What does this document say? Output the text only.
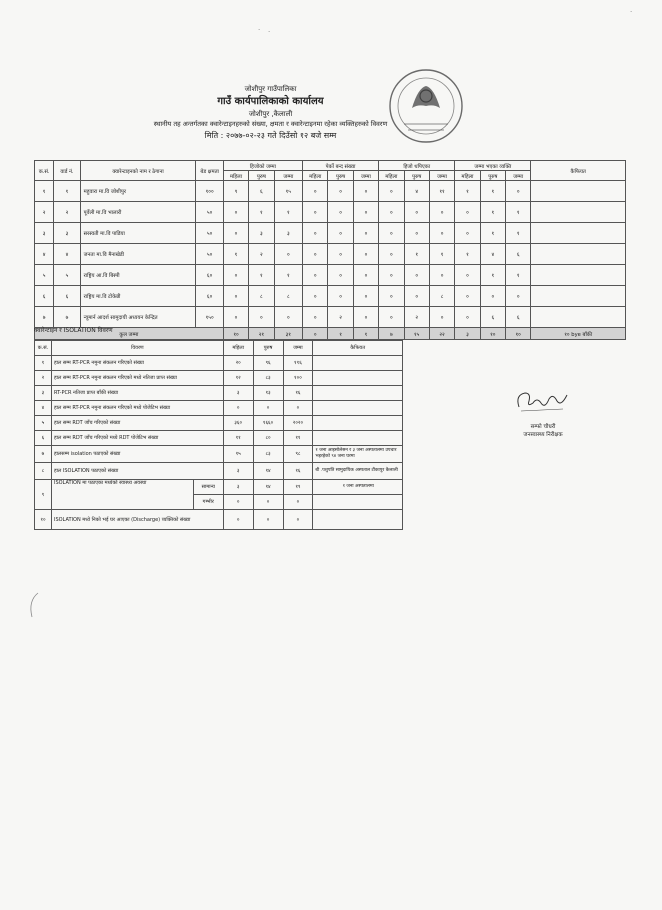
· ·
·
जोशीपुर गाउँपालिका
गाउँ कार्यपालिकाको कार्यालय
जोशीपुर ,कैलाली
स्थानीय तह अन्तर्गतका क्वारेन्टाइनहरुको संख्या, क्षमता र क्वारेन्टाइनमा रहेका व्यक्तिहरुको विवरण
मिति : २०७७-०२-२३ गते दिउँसो १२ बजे सम्म
क.सं.	वार्ड नं.	क्वारेन्टाइनको नाम र ठेगाना	बेड क्षमता	हिजोको जम्मा			पेर्को बन्द संख्या			हिजो थपिएका			जम्मा भएका व्यक्ति			कैफियत
				महिला	पुरुष	जम्मा	महिला	पुरुष	जम्मा	महिला	पुरुष	जम्मा	महिला	पुरुष	जम्मा	
१	१	महुवारा मा.वि जोशीपुर	१००	९	६	१५	०	०	०	०	४	११	१	१	०	
२	२	पूर्वेली मा.वि भालारी	५०	०	१	१	०	०	०	०	०	०	०	१	१	
३	३	सरस्वती मा.वि पाडिया	५०	०	३	३	०	०	०	०	०	०	०	१	१	
४	४	जनता मा.वि मैनाखेडी	५०	१	२	०	०	०	०	०	१	१	१	४	६	
५	५	राष्ट्रिय आ.वि बिस्पी	६०	०	१	१	०	०	०	०	०	०	०	१	१	
६	६	राष्ट्रिय मा.वि टोकेन्नी	६०	०	८	८	०	०	०	०	०	८	०	०	०	
७	७	न्यूमार्न आदर्श सामुदायी अध्ययन केन्द्रित	१५०	०	०	०	०	२	०	०	२	०	०	६	६	
कुल जम्मा				१०	२१	३१	०	१	१	७	१५	२२	३	१०	१०	१० bye बाँकी
क्वारेन्टाइन र ISOLATION विवरण
क.सं.	विवरण		महिला	पुरुष	जम्मा	कैफियत
१	हाल सम्म RT-PCR नमुना संकलन गरिएको संख्या		२०	९६	११६	
२	हाल सम्म RT-PCR नमुना संकलन गरिएको मध्ये नतिजा प्राप्त संख्या		१२	८३	१००	
३	RT-PCR नतिजा प्राप्त बाँकी संख्या		३	१३	१६	
४	हाल सम्म RT-PCR नमुना संकलन गरिएको मध्ये पोजेटिभ संख्या		०	०	०	
५	हाल सम्म RDT जाँच गरिएको संख्या		३६०	१६६०	२०२०	
६	हाल सम्म RDT जाँच गरिएको मध्ये RDT पोजेटिभ संख्या		११	८०	११	
७	हालसम्म isolation पठाएको संख्या		१५	८३	९८	१ जना आइसोलेसन र ३ जना अस्पतालमा उपचार भइरहेको ९४ जना घरमा
८	हाल ISOLATION पठाएको संख्या		३	१४	१६	बी .पशुपति सामुदायिक अस्पताल टीकापुर कैलाली
९	ISOLATION मा पठाएका मध्येको स्वास्थ्य अवस्था	सामान्य	३	१४	१९	१ जना अस्पतालमा
		गम्भीर	०	०	०	
१०	ISOLATION मध्ये निको भई घर आएका (Discharge) व्यक्तिको संख्या		०	०	०	
सम्फो चौधरी
जनस्वास्थ्य निरीक्षक
